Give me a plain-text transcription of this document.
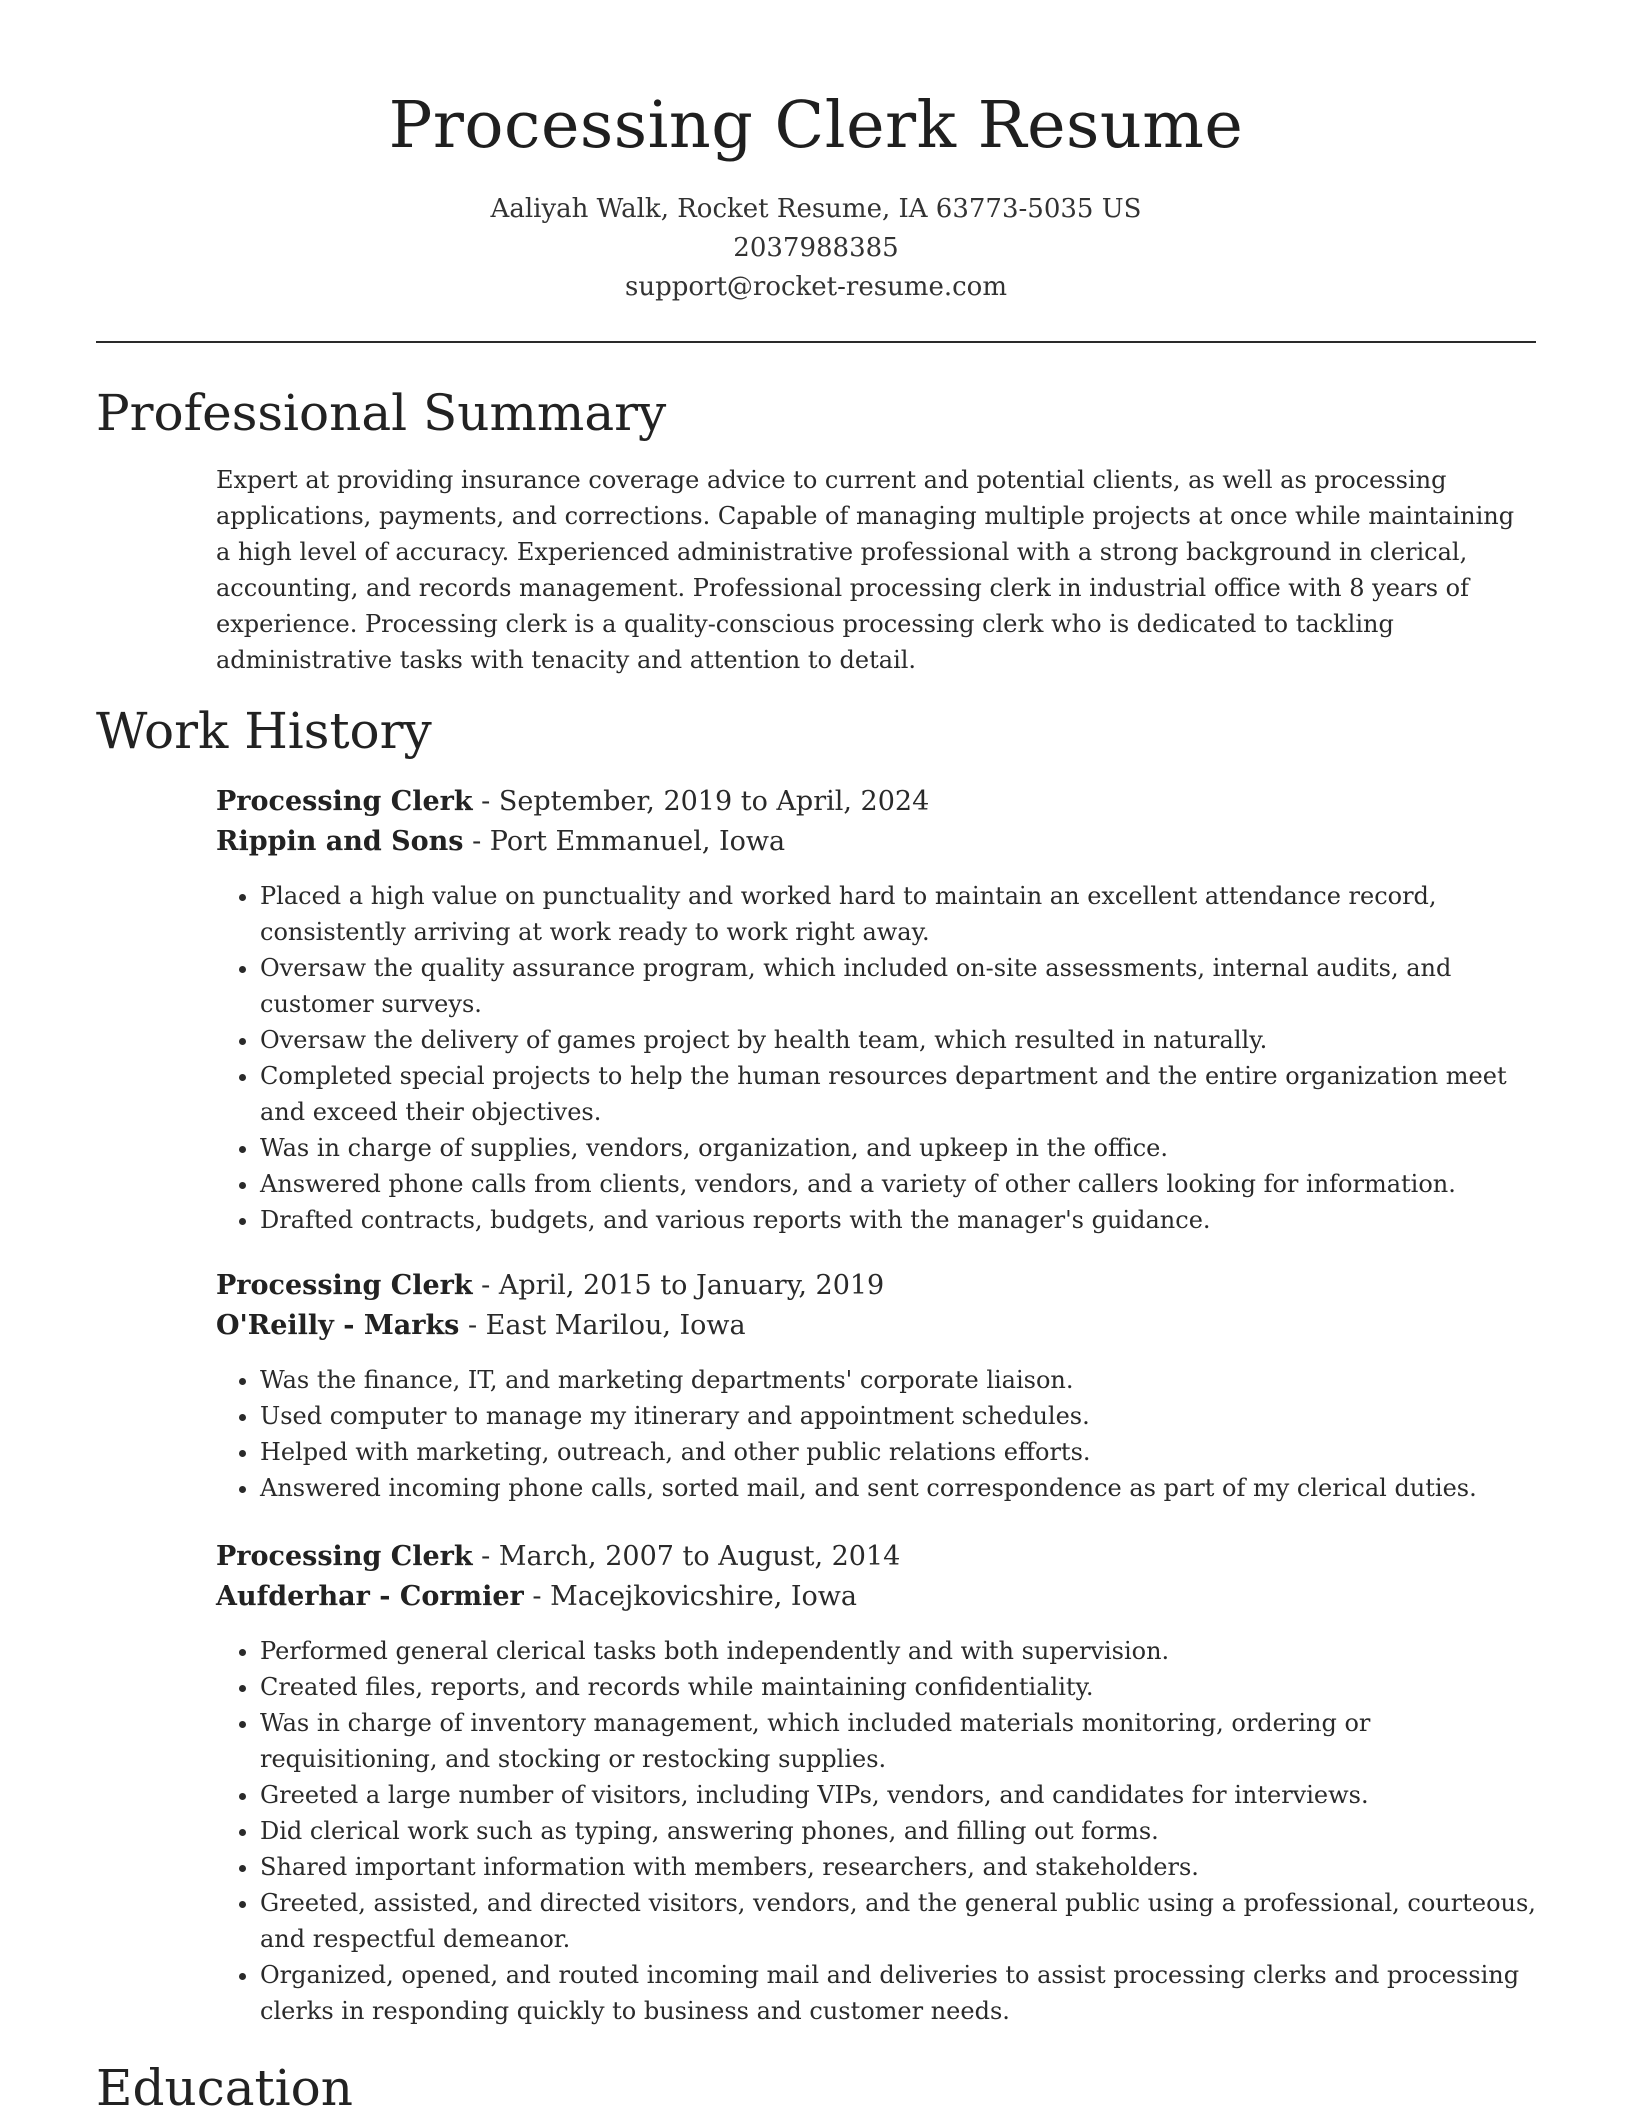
Processing Clerk Resume
Aaliyah Walk, Rocket Resume, IA 63773-5035 US
2037988385
support@rocket-resume.com
Professional Summary

Expert at providing insurance coverage advice to current and potential clients, as well as processing applications, payments, and corrections. Capable of managing multiple projects at once while maintaining a high level of accuracy. Experienced administrative professional with a strong background in clerical, accounting, and records management. Professional processing clerk in industrial office with 8 years of experience. Processing clerk is a quality-conscious processing clerk who is dedicated to tackling administrative tasks with tenacity and attention to detail.

Work History
Processing Clerk - September, 2019 to April, 2024
Rippin and Sons - Port Emmanuel, Iowa
• Placed a high value on punctuality and worked hard to maintain an excellent attendance record, consistently arriving at work ready to work right away.
• Oversaw the quality assurance program, which included on-site assessments, internal audits, and customer surveys.
• Oversaw the delivery of games project by health team, which resulted in naturally.
• Completed special projects to help the human resources department and the entire organization meet and exceed their objectives.
• Was in charge of supplies, vendors, organization, and upkeep in the office.
• Answered phone calls from clients, vendors, and a variety of other callers looking for information.
• Drafted contracts, budgets, and various reports with the manager's guidance.
Processing Clerk - April, 2015 to January, 2019
O'Reilly - Marks - East Marilou, Iowa
• Was the finance, IT, and marketing departments' corporate liaison.
• Used computer to manage my itinerary and appointment schedules.
• Helped with marketing, outreach, and other public relations efforts.
• Answered incoming phone calls, sorted mail, and sent correspondence as part of my clerical duties.
Processing Clerk - March, 2007 to August, 2014
Aufderhar - Cormier - Macejkovicshire, Iowa
• Performed general clerical tasks both independently and with supervision.
• Created files, reports, and records while maintaining confidentiality.
• Was in charge of inventory management, which included materials monitoring, ordering or requisitioning, and stocking or restocking supplies.
• Greeted a large number of visitors, including VIPs, vendors, and candidates for interviews.
• Did clerical work such as typing, answering phones, and filling out forms.
• Shared important information with members, researchers, and stakeholders.
• Greeted, assisted, and directed visitors, vendors, and the general public using a professional, courteous, and respectful demeanor.
• Organized, opened, and routed incoming mail and deliveries to assist processing clerks and processing clerks in responding quickly to business and customer needs.
Education
